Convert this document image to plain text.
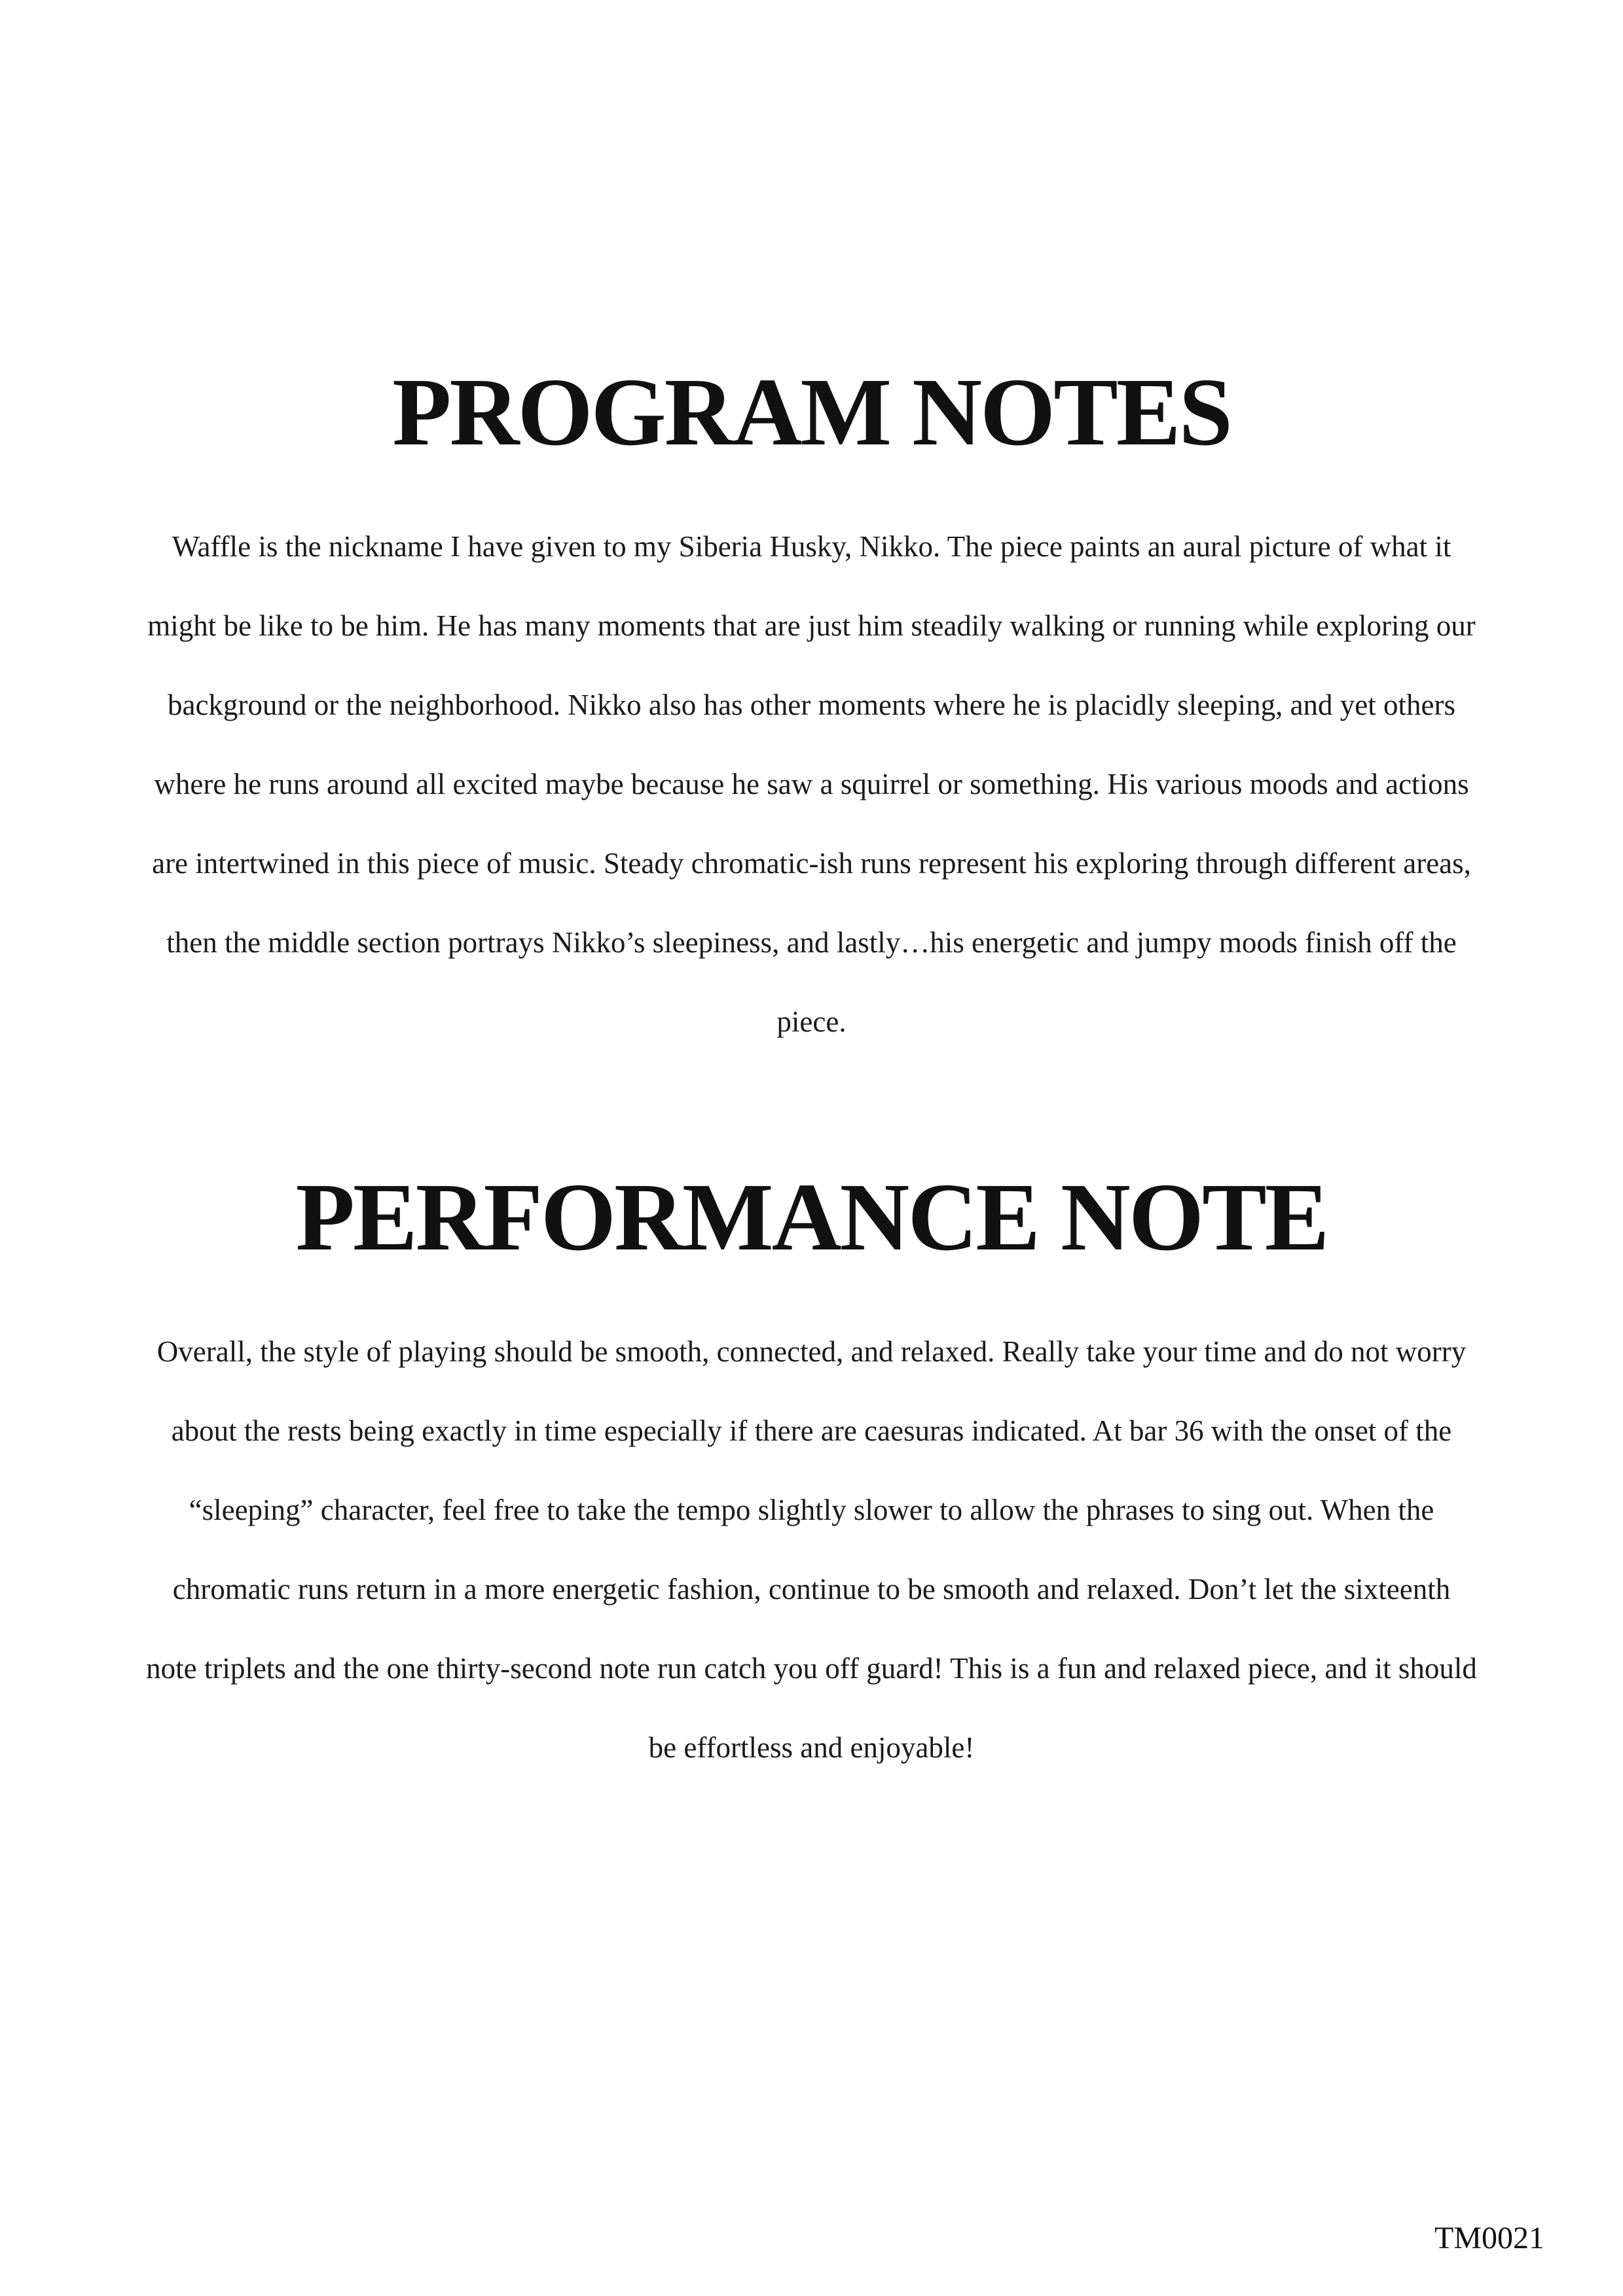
PROGRAM NOTES
Waffle is the nickname I have given to my Siberia Husky, Nikko. The piece paints an aural picture of what it
might be like to be him. He has many moments that are just him steadily walking or running while exploring our
background or the neighborhood. Nikko also has other moments where he is placidly sleeping, and yet others
where he runs around all excited maybe because he saw a squirrel or something. His various moods and actions
are intertwined in this piece of music. Steady chromatic-ish runs represent his exploring through different areas,
then the middle section portrays Nikko’s sleepiness, and lastly…his energetic and jumpy moods finish off the
piece.
PERFORMANCE NOTE
Overall, the style of playing should be smooth, connected, and relaxed. Really take your time and do not worry
about the rests being exactly in time especially if there are caesuras indicated. At bar 36 with the onset of the
“sleeping” character, feel free to take the tempo slightly slower to allow the phrases to sing out. When the
chromatic runs return in a more energetic fashion, continue to be smooth and relaxed. Don’t let the sixteenth
note triplets and the one thirty-second note run catch you off guard! This is a fun and relaxed piece, and it should
be effortless and enjoyable!
TM0021
